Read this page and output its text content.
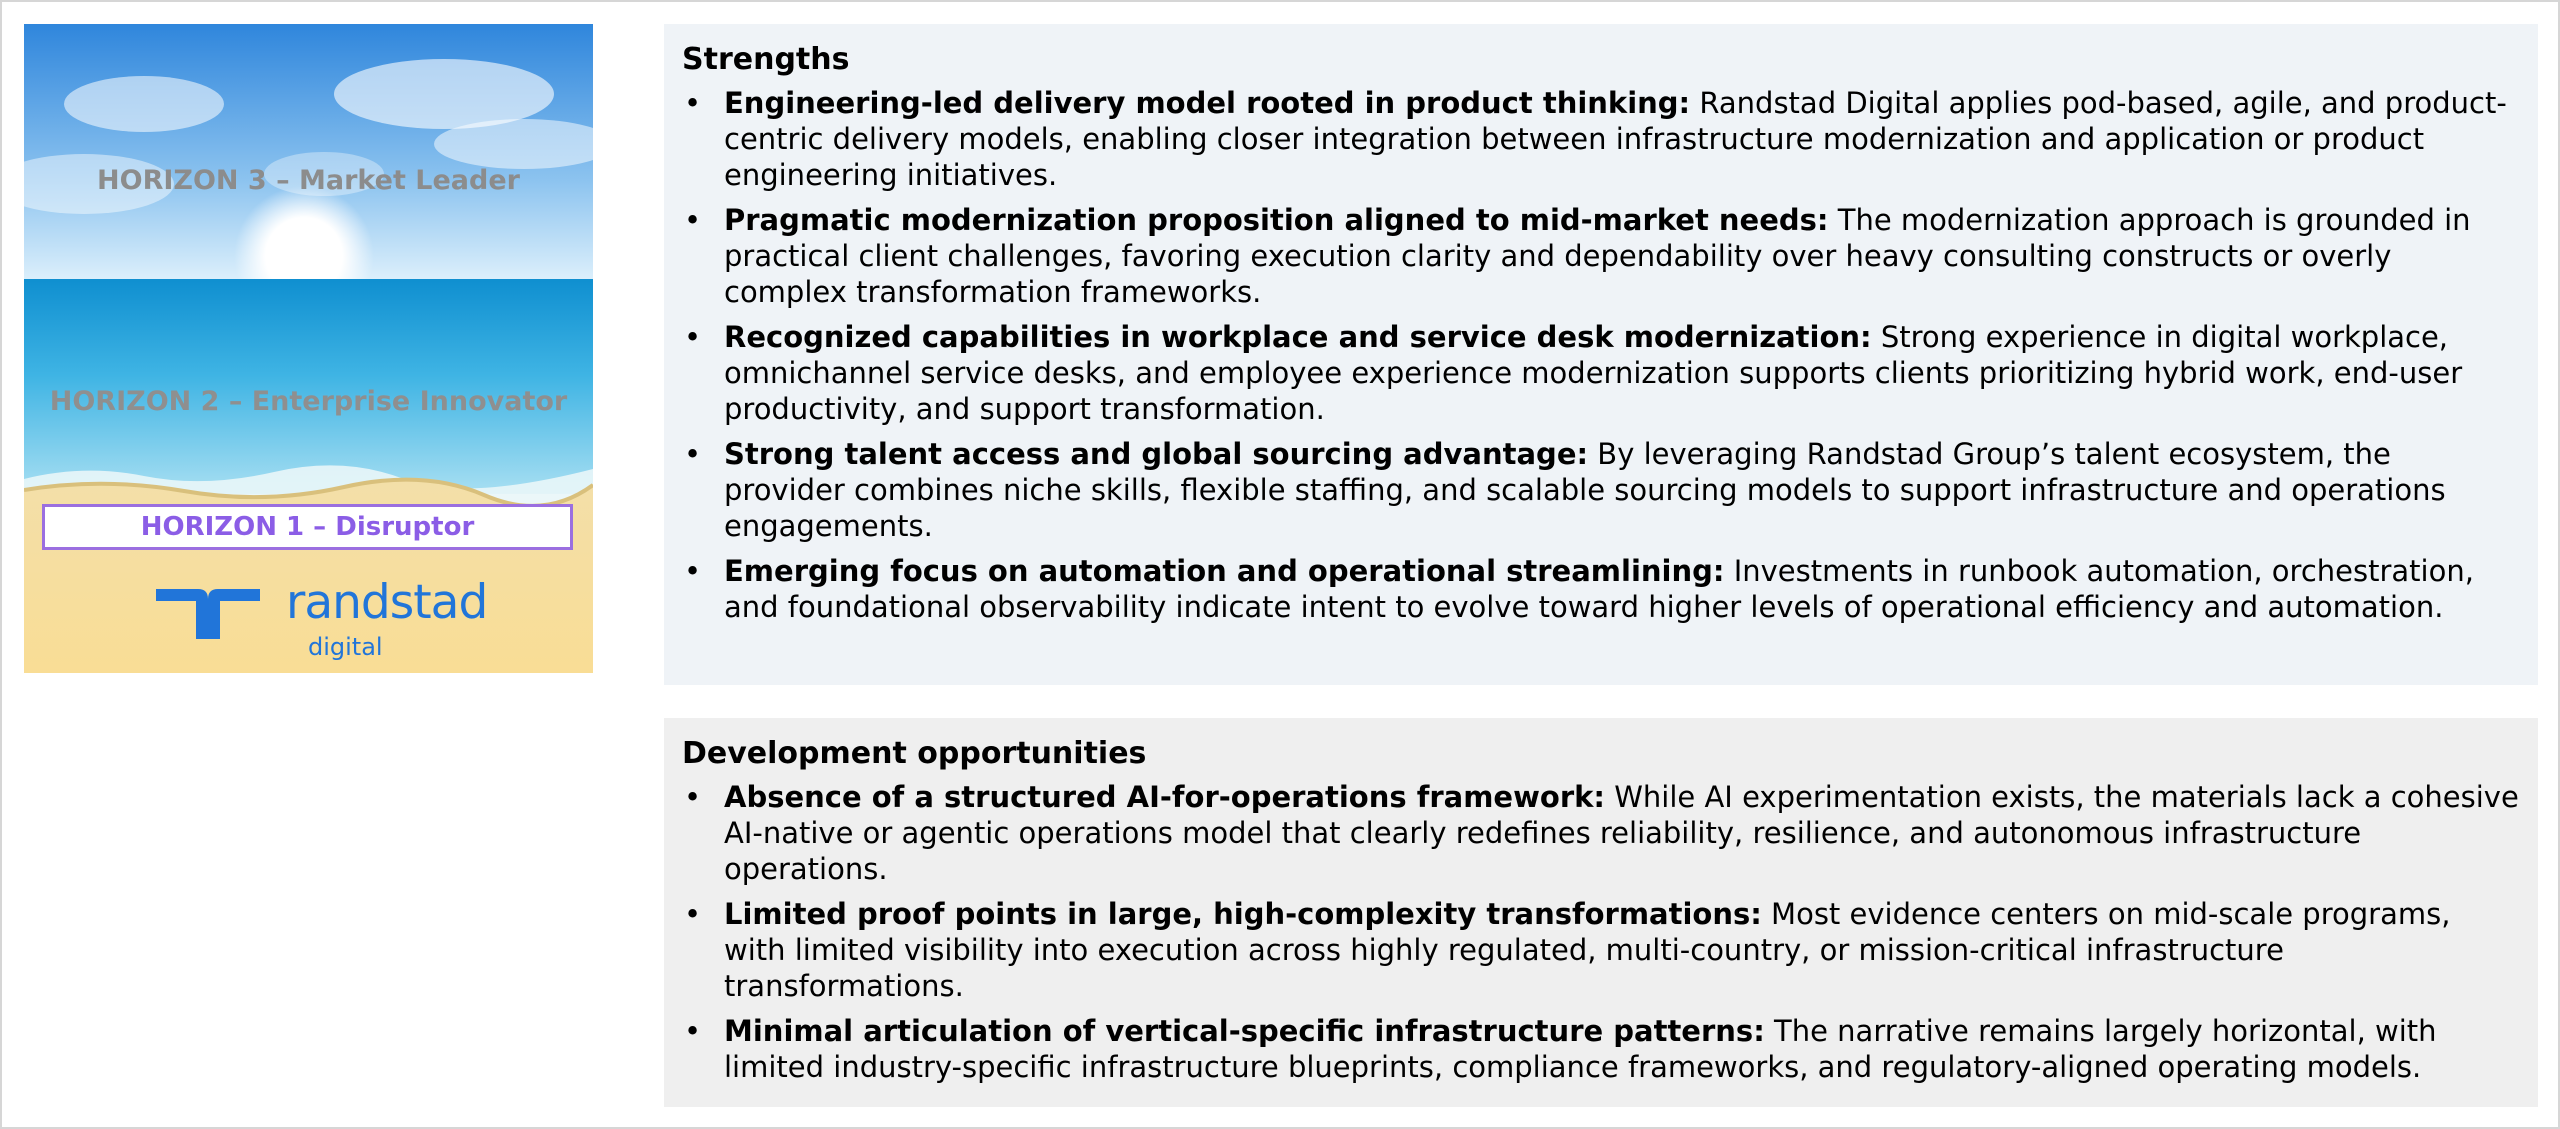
HORIZON 3 – Market Leader
HORIZON 2 – Enterprise Innovator
HORIZON 1 – Disruptor
randstad
digital
Strengths
• Engineering-led delivery model rooted in product thinking: Randstad Digital applies pod-based, agile, and product-centric delivery models, enabling closer integration between infrastructure modernization and application or product engineering initiatives.
• Pragmatic modernization proposition aligned to mid-market needs: The modernization approach is grounded in practical client challenges, favoring execution clarity and dependability over heavy consulting constructs or overly complex transformation frameworks.
• Recognized capabilities in workplace and service desk modernization: Strong experience in digital workplace, omnichannel service desks, and employee experience modernization supports clients prioritizing hybrid work, end-user productivity, and support transformation.
• Strong talent access and global sourcing advantage: By leveraging Randstad Group’s talent ecosystem, the provider combines niche skills, flexible staffing, and scalable sourcing models to support infrastructure and operations engagements.
• Emerging focus on automation and operational streamlining: Investments in runbook automation, orchestration, and foundational observability indicate intent to evolve toward higher levels of operational efficiency and automation.
Development opportunities
• Absence of a structured AI-for-operations framework: While AI experimentation exists, the materials lack a cohesive AI-native or agentic operations model that clearly redefines reliability, resilience, and autonomous infrastructure operations.
• Limited proof points in large, high-complexity transformations: Most evidence centers on mid-scale programs, with limited visibility into execution across highly regulated, multi-country, or mission-critical infrastructure transformations.
• Minimal articulation of vertical-specific infrastructure patterns: The narrative remains largely horizontal, with limited industry-specific infrastructure blueprints, compliance frameworks, and regulatory-aligned operating models.
